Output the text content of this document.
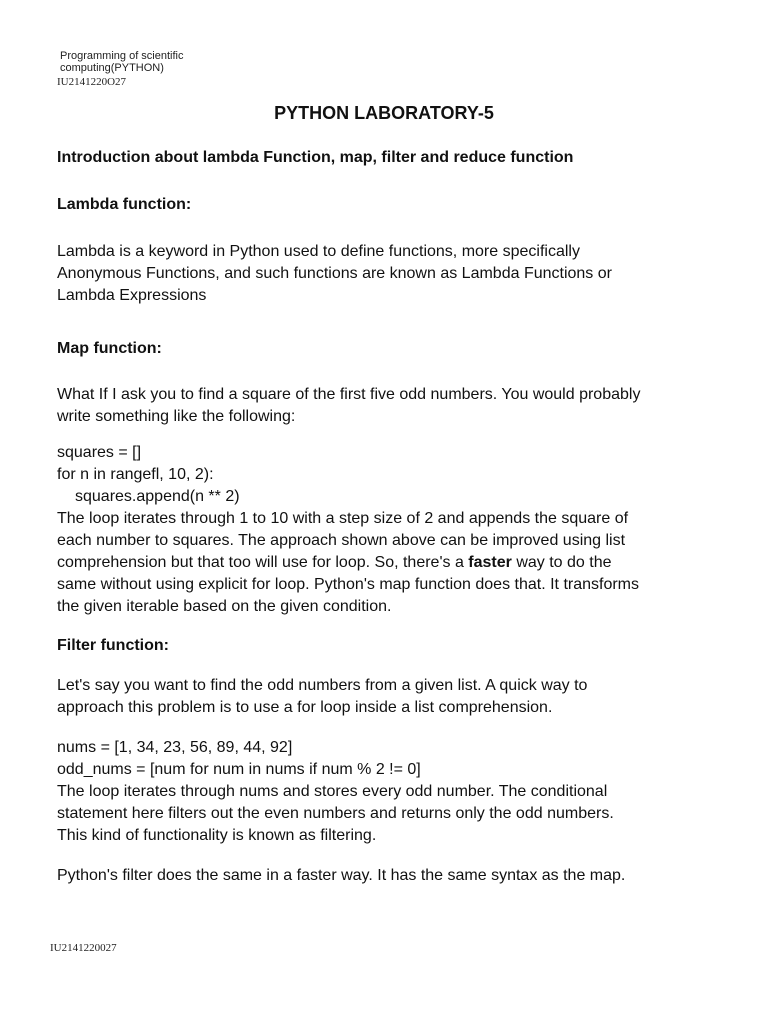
Programming of scientific
computing(PYTHON)
IU2141220O27
PYTHON LABORATORY-5
Introduction about lambda Function, map, filter and reduce function
Lambda function:
Lambda is a keyword in Python used to define functions, more specifically
Anonymous Functions, and such functions are known as Lambda Functions or
Lambda Expressions
Map function:
What If I ask you to find a square of the first five odd numbers. You would probably
write something like the following:
squares = []
for n in rangefl, 10, 2):
squares.append(n ** 2)
The loop iterates through 1 to 10 with a step size of 2 and appends the square of
each number to squares. The approach shown above can be improved using list
comprehension but that too will use for loop. So, there's a faster way to do the
same without using explicit for loop. Python's map function does that. It transforms
the given iterable based on the given condition.
Filter function:
Let's say you want to find the odd numbers from a given list. A quick way to
approach this problem is to use a for loop inside a list comprehension.
nums = [1, 34, 23, 56, 89, 44, 92]
odd_nums = [num for num in nums if num % 2 != 0]
The loop iterates through nums and stores every odd number. The conditional
statement here filters out the even numbers and returns only the odd numbers.
This kind of functionality is known as filtering.
Python's filter does the same in a faster way. It has the same syntax as the map.
IU2141220027
